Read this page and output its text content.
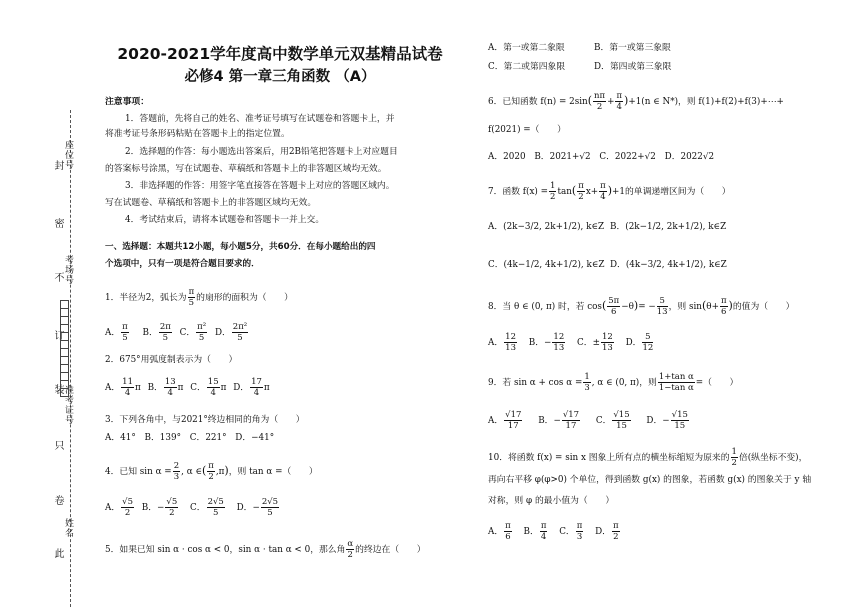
封
密
不
订
装
只
卷
此
座位号
考场号
准考证号
姓名
2020-2021学年度高中数学单元双基精品试卷
必修4 第一章三角函数 （A）
注意事项：
1．答题前，先将自己的姓名、准考证号填写在试题卷和答题卡上，并
将准考证号条形码粘贴在答题卡上的指定位置。
2．选择题的作答：每小题选出答案后，用2B铅笔把答题卡上对应题目
的答案标号涂黑，写在试题卷、草稿纸和答题卡上的非答题区域均无效。
3．非选择题的作答：用签字笔直接答在答题卡上对应的答题区域内。
写在试题卷、草稿纸和答题卡上的非答题区域均无效。
4．考试结束后，请将本试题卷和答题卡一并上交。
一、选择题：本题共12小题，每小题5分，共60分．在每小题给出的四
个选项中，只有一项是符合题目要求的．
1．半径为2，弧长为 $\frac{\pi}{5}$ 的扇形的面积为（　　）
A． $\frac{\pi}{5}$ B． $\frac{2\pi}{5}$ C． $\frac{\text{π²}}{5}$ D． $\frac{\text{2π²}}{5}$
2．675°用弧度制表示为（　　）
A． $\frac{11}{4}$ π B． $\frac{13}{4}$ π C． $\frac{15}{4}$ π D． $\frac{17}{4}$ π
3．下列各角中，与2021°终边相同的角为（　　）
A．41°　B．139°　C．221°　D．−41°
4．已知 $\sin \alpha = \frac{2}{3}$ , α ∈( $\frac{\pi}{2} ,\pi$)，则 tan α =（　　）
A． $\frac{√5}{2}$ B．− $\frac{√5}{2}$ C． $\frac{2√5}{5}$ D．− $\frac{2√5}{5}$
5．如果已知 sin α · cos α < 0，sin α · tan α < 0，那么角 $\frac{\alpha}{2}$ 的终边在（　　）
A．第一或第二象限	B．第一或第三象限
C．第二或第四象限	D．第四或第三象限
6．已知函数 $f(n) = 2\sin( \frac{n\pi}{2} + \frac{\pi}{4} )+1(n$ ∈ N*)，则 f(1)+f(2)+f(3)+⋯+
f(2021) =（　　）
A．2020　B．2021+√2　C．2022+√2　D．2022√2
7．函数 $f(x) = \frac{1}{2} \tan( \frac{\pi}{2} x+ \frac{\pi}{4} )+1$的单调递增区间为（　　）
A．(2k−3/2, 2k+1/2), k∈Z B．(2k−1/2, 2k+1/2), k∈Z
C．(4k−1/2, 4k+1/2), k∈Z D．(4k−3/2, 4k+1/2), k∈Z
8．当 θ ∈ (0, π) 时，若 $\cos( \frac{5\pi}{6} -\theta)= - \frac{5}{13}$ ，则 $\sin(\theta+ \frac{\pi}{6}$ )的值为（　　）
A． $\frac{12}{13}$ B．− $\frac{12}{13}$ C．± $\frac{12}{13}$ D． $\frac{5}{12}$
9．若 $\sin \alpha + \cos \alpha = \frac{1}{3}$ , α ∈ (0, π)，则 $\frac{\text{1+tan α}}{\text{1−tan α}}$ =（　　）
A． $\frac{√17}{17}$ B．− $\frac{√17}{17}$ C． $\frac{√15}{15}$ D．− $\frac{√15}{15}$
10．将函数 f(x) = sin x 图象上所有点的横坐标缩短为原来的 $\frac{1}{2}$ 倍(纵坐标不变)，
再向右平移 φ(φ>0) 个单位，得到函数 g(x) 的图象，若函数 g(x) 的图象关于 y 轴
对称，则 φ 的最小值为（　　）
A． $\frac{\pi}{6}$ B． $\frac{\pi}{4}$ C． $\frac{\pi}{3}$ D． $\frac{\pi}{2}$
